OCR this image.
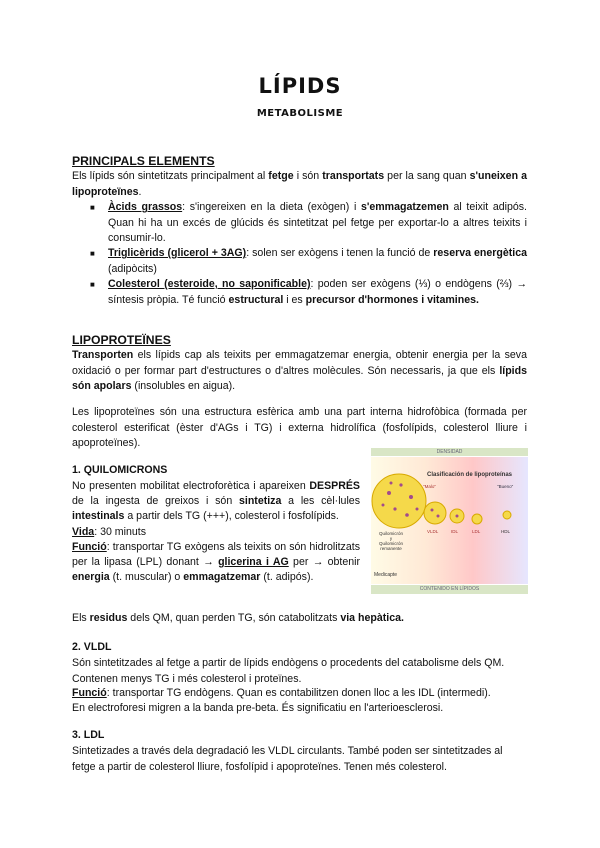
LÍPIDS
METABOLISME
PRINCIPALS ELEMENTS

Els lípids són sintetitzats principalment al fetge i són transportats per la sang quan s'uneixen a lipoproteïnes.

■ Àcids grassos: s'ingereixen en la dieta (exògen) i s'emmagatzemen al teixit adipós. Quan hi ha un excés de glúcids és sintetitzat pel fetge per exportar-lo a altres teixits i consumir-lo.
■ Triglicèrids (glicerol + 3AG): solen ser exògens i tenen la funció de reserva energètica (adipòcits)
■ Colesterol (esteroide, no saponificable): poden ser exògens (⅓) o endògens (⅔) → síntesis pròpia. Té funció estructural i es precursor d'hormones i vitamines.
LIPOPROTEÏNES

Transporten els lípids cap als teixits per emmagatzemar energia, obtenir energia per la seva oxidació o per formar part d'estructures o d'altres molècules. Són necessaris, ja que els lípids són apolars (insolubles en aigua).

Les lipoproteïnes són una estructura esfèrica amb una part interna hidrofòbica (formada per colesterol esterificat (èster d'AGs i TG) i externa hidrolífica (fosfolípids, colesterol lliure i apoproteïnes).

1. QUILOMICRONS
No presenten mobilitat electroforètica i apareixen DESPRÉS de la ingesta de greixos i són sintetiza a les cèl·lules intestinals a partir dels TG (+++), colesterol i fosfolípids.
Vida: 30 minuts
Funció: transportar TG exògens als teixits on són hidrolitzats per la lipasa (LPL) donant → glicerina i AG per → obtenir energia (t. muscular) o emmagatzemar (t. adipós).

Els residus dels QM, quan perden TG, són catabolitzats via hepàtica.

DENSIDAD
Clasificación de lipoproteínas
"Malo"	"Bueno"
Quilomicrón
y
Quilomicrón
remanente
VLDL	IDL	LDL	HDL
Medicapte
CONTENIDO EN LÍPIDOS
2. VLDL

Són sintetitzades al fetge a partir de lípids endògens o procedents del catabolisme dels QM. Contenen menys TG i més colesterol i proteïnes.

Funció: transportar TG endògens. Quan es contabilitzen donen lloc a les IDL (intermedi).

En electroforesi migren a la banda pre-beta. És significatiu en l'arterioesclerosi.

3. LDL

Sintetizades a través dela degradació les VLDL circulants. També poden ser sintetitzades al fetge a partir de colesterol lliure, fosfolípid i apoproteïnes. Tenen més colesterol.
